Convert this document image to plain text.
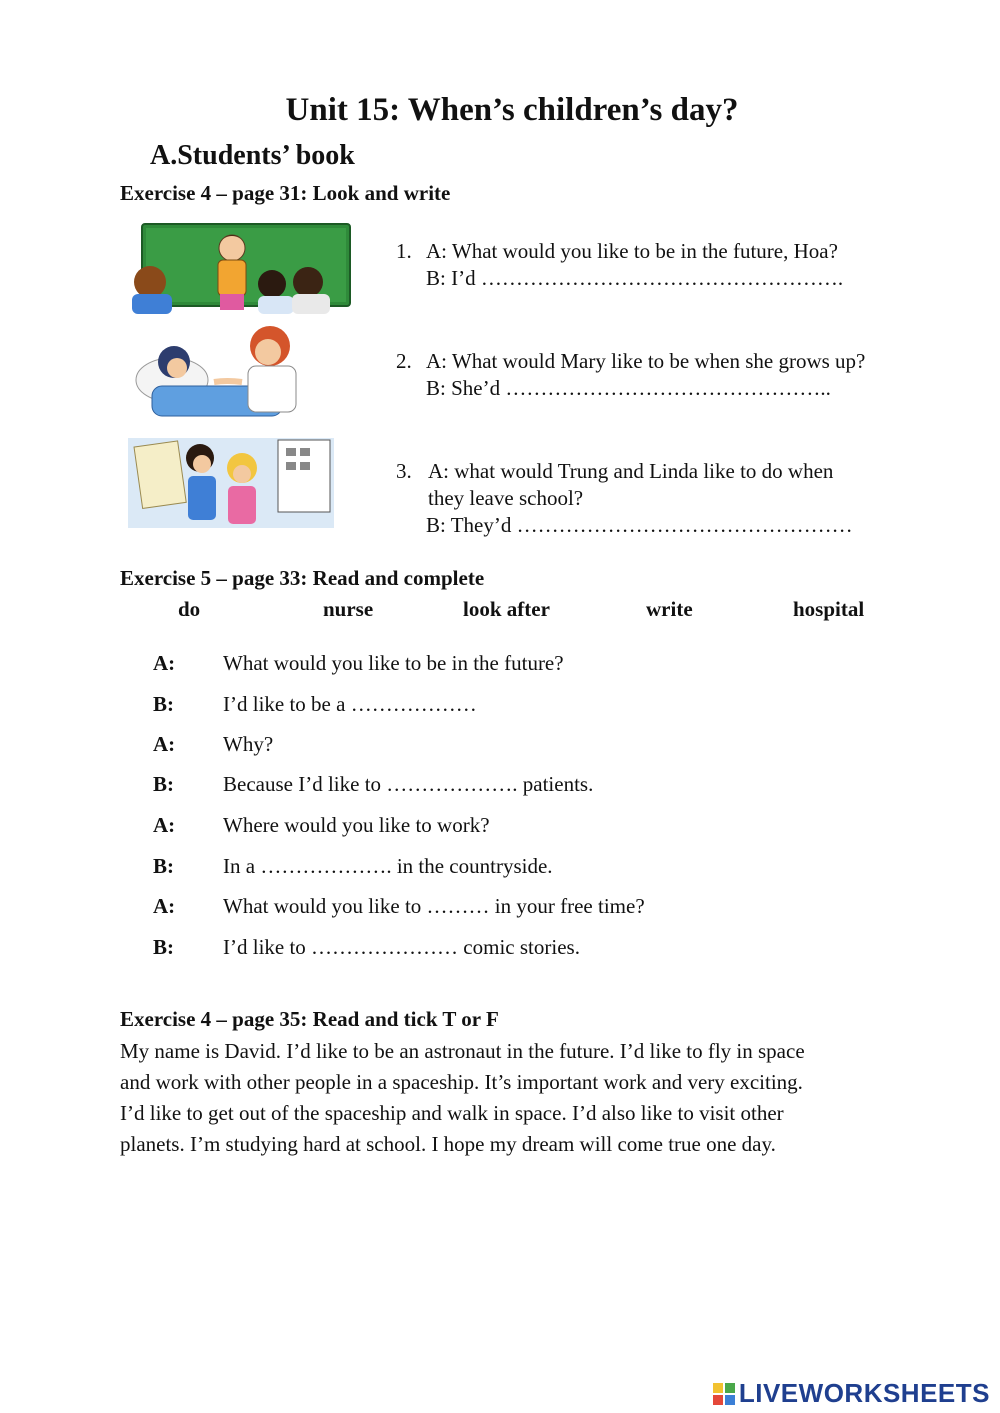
Unit 15: When’s children’s day?
A.Students’ book
Exercise 4 – page 31: Look and write
1. A: What would you like to be in the future, Hoa?
B: I’d …………………………………………….
2. A: What would Mary like to be when she grows up?
B: She’d ………………………………………..
3. A: what would Trung and Linda like to do when
they leave school?
B: They’d …………………………………………
Exercise 5 – page 33: Read and complete
do	nurse	look after	write	hospital
A: What would you like to be in the future?
B: I’d like to be a ………………
A: Why?
B: Because I’d like to ………………. patients.
A: Where would you like to work?
B: In a ………………. in the countryside.
A: What would you like to ……… in your free time?
B: I’d like to ………………… comic stories.
Exercise 4 – page 35: Read and tick T or F

My name is David. I’d like to be an astronaut in the future. I’d like to fly in space

and work with other people in a spaceship. It’s important work and very exciting.

I’d like to get out of the spaceship and walk in space. I’d also like to visit other

planets. I’m studying hard at school. I hope my dream will come true one day.

LIVEWORKSHEETS
